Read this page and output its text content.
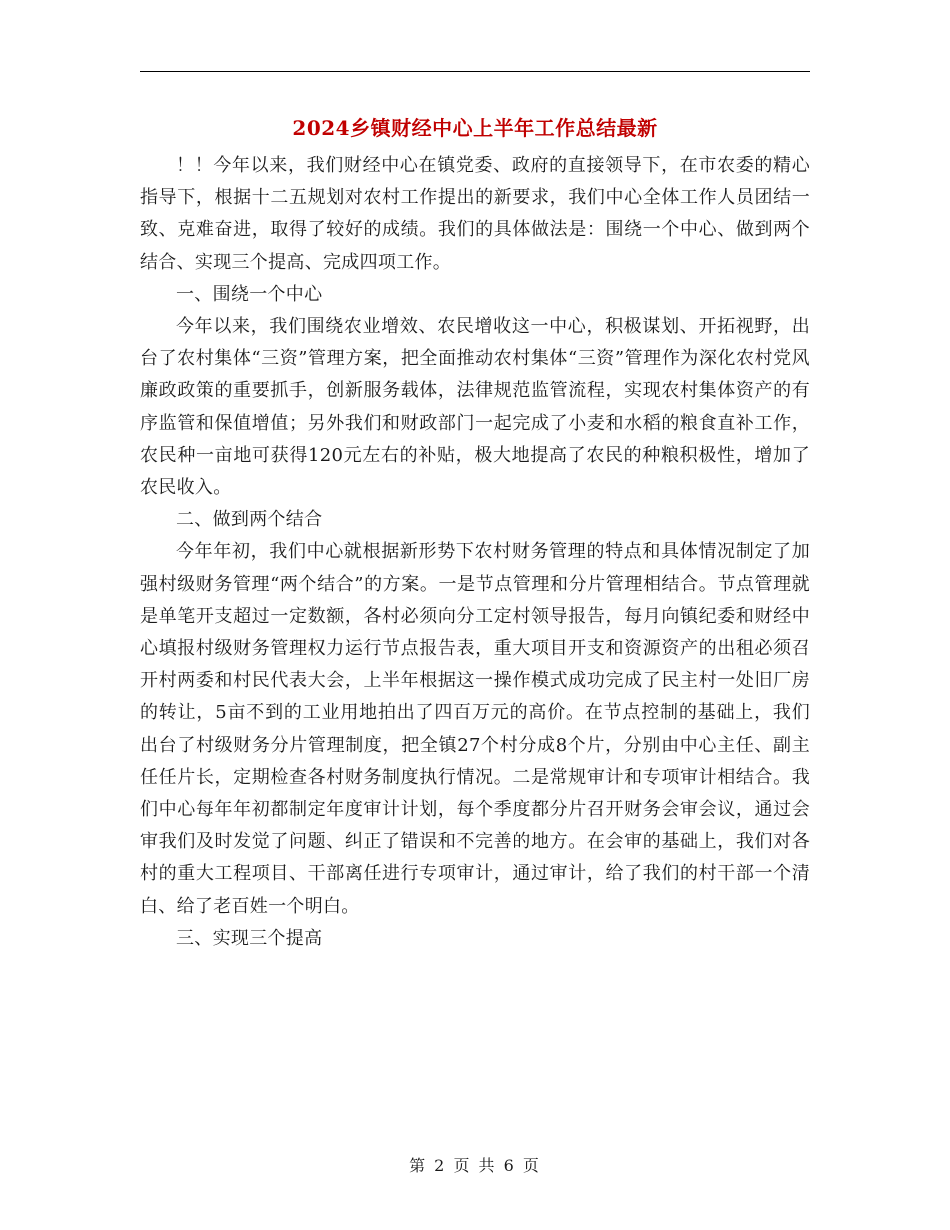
2024乡镇财经中心上半年工作总结最新

！！今年以来，我们财经中心在镇党委、政府的直接领导下，在市农委的精心指导下，根据十二五规划对农村工作提出的新要求，我们中心全体工作人员团结一致、克难奋进，取得了较好的成绩。我们的具体做法是：围绕一个中心、做到两个结合、实现三个提高、完成四项工作。

一、围绕一个中心

今年以来，我们围绕农业增效、农民增收这一中心，积极谋划、开拓视野，出台了农村集体“三资”管理方案，把全面推动农村集体“三资”管理作为深化农村党风廉政政策的重要抓手，创新服务载体，法律规范监管流程，实现农村集体资产的有序监管和保值增值；另外我们和财政部门一起完成了小麦和水稻的粮食直补工作，农民种一亩地可获得120元左右的补贴，极大地提高了农民的种粮积极性，增加了农民收入。

二、做到两个结合

今年年初，我们中心就根据新形势下农村财务管理的特点和具体情况制定了加强村级财务管理“两个结合”的方案。一是节点管理和分片管理相结合。节点管理就是单笔开支超过一定数额，各村必须向分工定村领导报告，每月向镇纪委和财经中心填报村级财务管理权力运行节点报告表，重大项目开支和资源资产的出租必须召开村两委和村民代表大会，上半年根据这一操作模式成功完成了民主村一处旧厂房的转让，5亩不到的工业用地拍出了四百万元的高价。在节点控制的基础上，我们出台了村级财务分片管理制度，把全镇27个村分成8个片，分别由中心主任、副主任任片长，定期检查各村财务制度执行情况。二是常规审计和专项审计相结合。我们中心每年年初都制定年度审计计划，每个季度都分片召开财务会审会议，通过会审我们及时发觉了问题、纠正了错误和不完善的地方。在会审的基础上，我们对各村的重大工程项目、干部离任进行专项审计，通过审计，给了我们的村干部一个清白、给了老百姓一个明白。

三、实现三个提高

第 2 页 共 6 页
